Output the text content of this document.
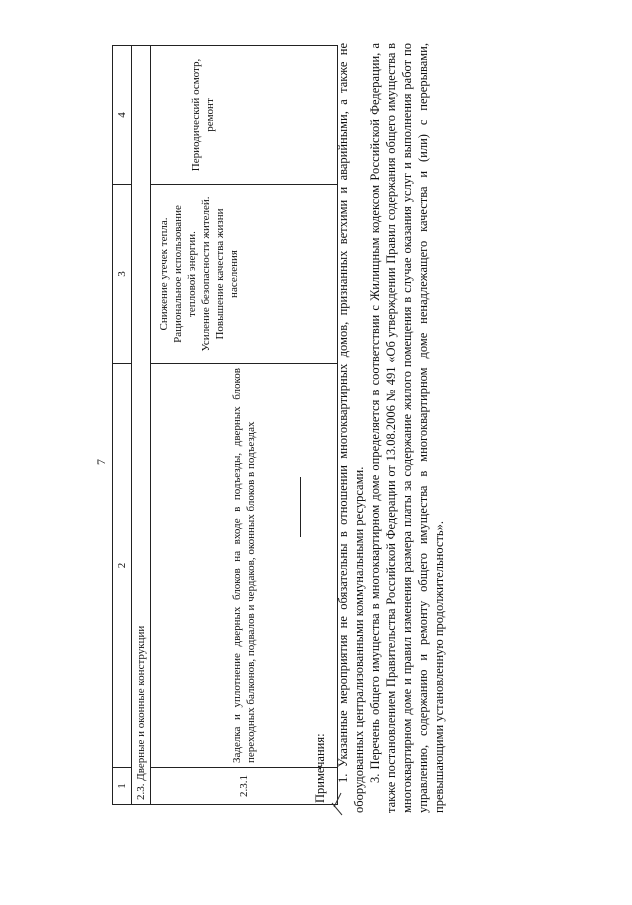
7
1	2	3	4
2.3. Дверные и оконные конструкции			
2.3.1	Заделка и уплотнение дверных блоков на входе в подъезды, дверных блоков переходных балконов, подвалов и чердаков, оконных блоков в подъездах	Снижение утечек тепла. Рациональное использование тепловой энергии. Усиление безопасности жителей. Повышение качества жизни населения	Периодический осмотр, ремонт
Примечания: 1. Указанные мероприятия не обязательны в отношении многоквартирных домов, признанных ветхими и аварийными, а также не оборудованных централизованными коммунальными ресурсами. 3. Перечень общего имущества в многоквартирном доме определяется в соответствии с Жилищным кодексом Российской Федерации, а также постановлением Правительства Российской Федерации от 13.08.2006 № 491 «Об утверждении Правил содержания общего имущества в многоквартирном доме и правил изменения размера платы за содержание жилого помещения в случае оказания услуг и выполнения работ по управлению, содержанию и ремонту общего имущества в многоквартирном доме ненадлежащего качества и (или) с перерывами, превышающими установленную продолжительность».
